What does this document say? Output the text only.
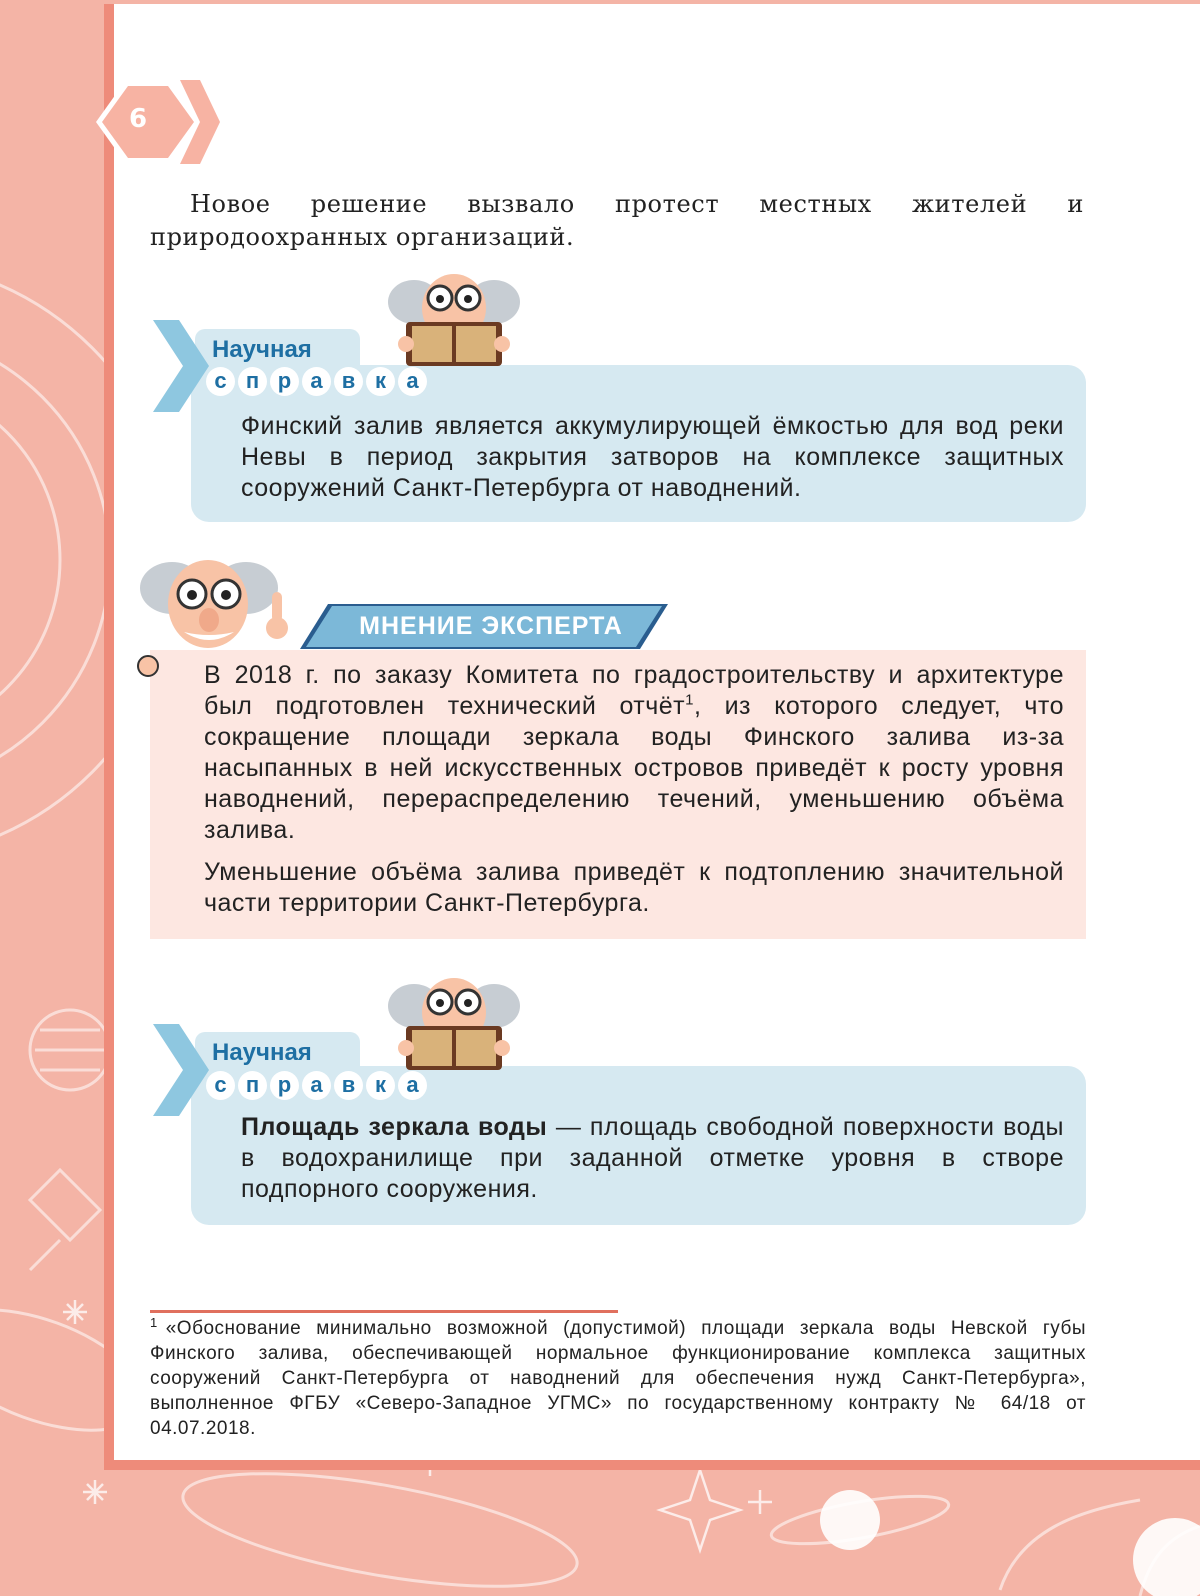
6

Новое решение вызвало протест местных жителей и природоохранных организаций.

Финский залив является аккумулирующей ёмкостью для вод реки Невы в период закрытия затворов на комплексе защитных сооружений Санкт-Петербурга от наводнений.

Научная
с п р а в к а

В 2018 г. по заказу Комитета по градостроительству и архитектуре был подготовлен технический отчёт$^1$, из которого следует, что сокращение площади зеркала воды Финского залива из-за насыпанных в ней искусственных островов приведёт к росту уровня наводнений, перераспределению течений, уменьшению объёма залива.

Уменьшение объёма залива приведёт к подтоплению значительной части территории Санкт-Петербурга.

МНЕНИЕ ЭКСПЕРТА

Площадь зеркала воды — площадь свободной поверхности воды в водохранилище при заданной отметке уровня в створе подпорного сооружения.

Научная
с п р а в к а

$^1$ «Обоснование минимально возможной (допустимой) площади зеркала воды Невской губы Финского залива, обеспечивающей нормальное функционирование комплекса защитных сооружений Санкт-Петербурга от наводнений для обеспечения нужд Санкт-Петербурга», выполненное ФГБУ «Северо-Западное УГМС» по государственному контракту № 64/18 от 04.07.2018.
